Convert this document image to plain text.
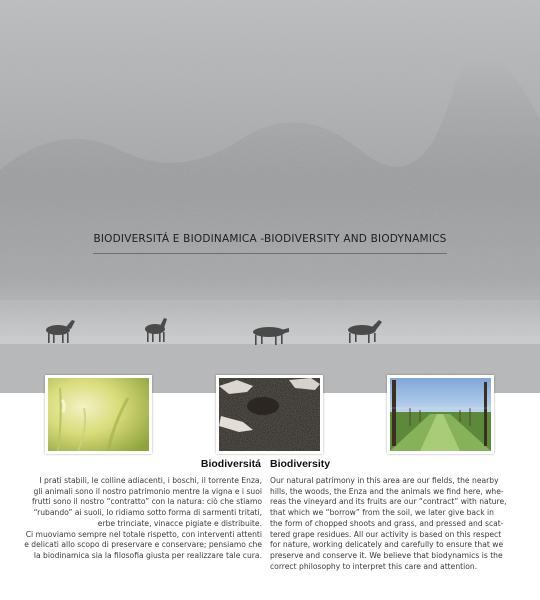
BIODIVERSITÁ E BIODINAMICA -BIODIVERSITY AND BIODYNAMICS
Biodiversitá Biodiversity

I prati stabili, le colline adiacenti, i boschi, il torrente Enza,

gli animali sono il nostro patrimonio mentre la vigna e i suoi

frutti sono il nostro “contratto” con la natura: ciò che stiamo

“rubando” ai suoli, lo ridiamo sotto forma di sarmenti tritati,

erbe trinciate, vinacce pigiate e distribuite.

Ci muoviamo sempre nel totale rispetto, con interventi attenti

e delicati allo scopo di preservare e conservare; pensiamo che

la biodinamica sia la filosofia giusta per realizzare tale cura.

Our natural patrimony in this area are our fields, the nearby

hills, the woods, the Enza and the animals we find here, whe-

reas the vineyard and its fruits are our “contract” with nature,

that which we “borrow” from the soil, we later give back in

the form of chopped shoots and grass, and pressed and scat-

tered grape residues. All our activity is based on this respect

for nature, working delicately and carefully to ensure that we

preserve and conserve it. We believe that biodynamics is the

correct philosophy to interpret this care and attention.
